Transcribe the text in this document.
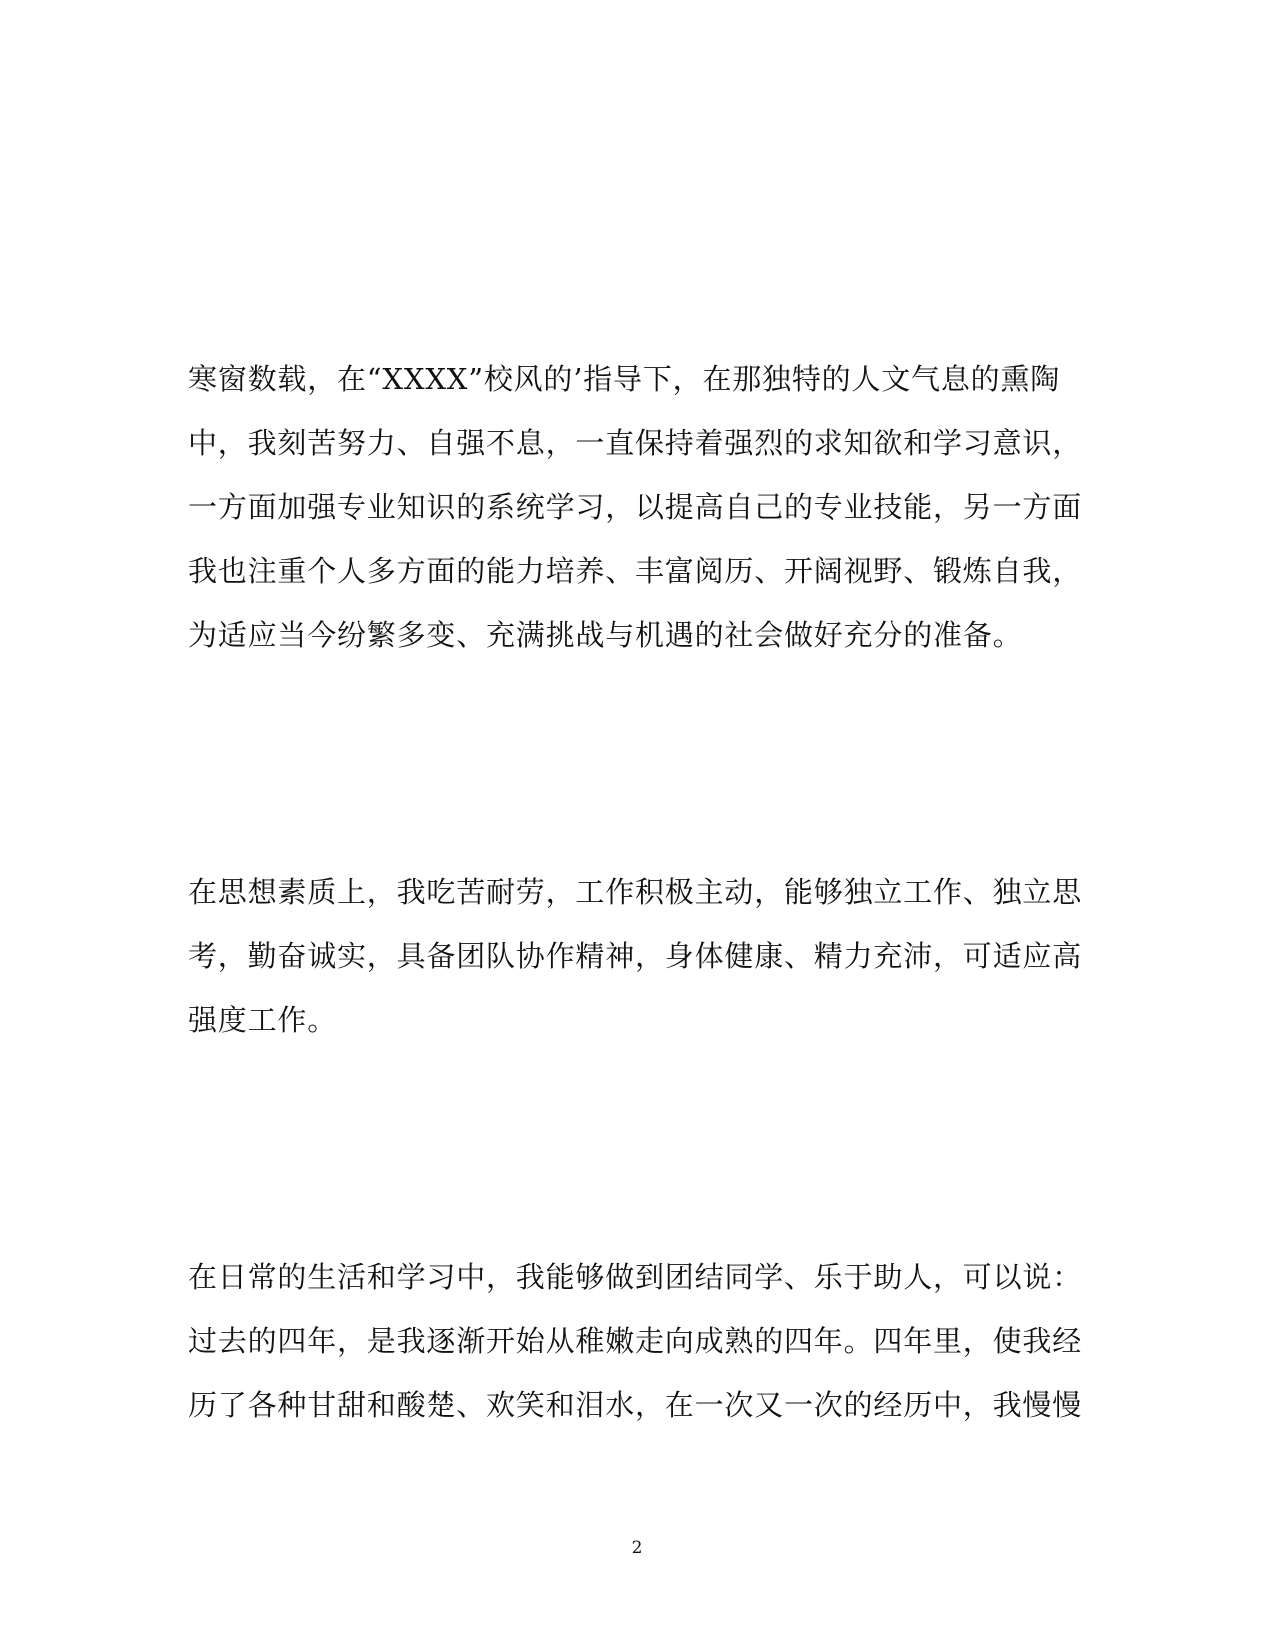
寒窗数载，在“XXXX”校风的’指导下，在那独特的人文气息的熏陶
中，我刻苦努力、自强不息，一直保持着强烈的求知欲和学习意识，
一方面加强专业知识的系统学习，以提高自己的专业技能，另一方面
我也注重个人多方面的能力培养、丰富阅历、开阔视野、锻炼自我，
为适应当今纷繁多变、充满挑战与机遇的社会做好充分的准备。
在思想素质上，我吃苦耐劳，工作积极主动，能够独立工作、独立思
考，勤奋诚实，具备团队协作精神，身体健康、精力充沛，可适应高
强度工作。
在日常的生活和学习中，我能够做到团结同学、乐于助人，可以说：
过去的四年，是我逐渐开始从稚嫩走向成熟的四年。四年里，使我经
历了各种甘甜和酸楚、欢笑和泪水，在一次又一次的经历中，我慢慢
2
